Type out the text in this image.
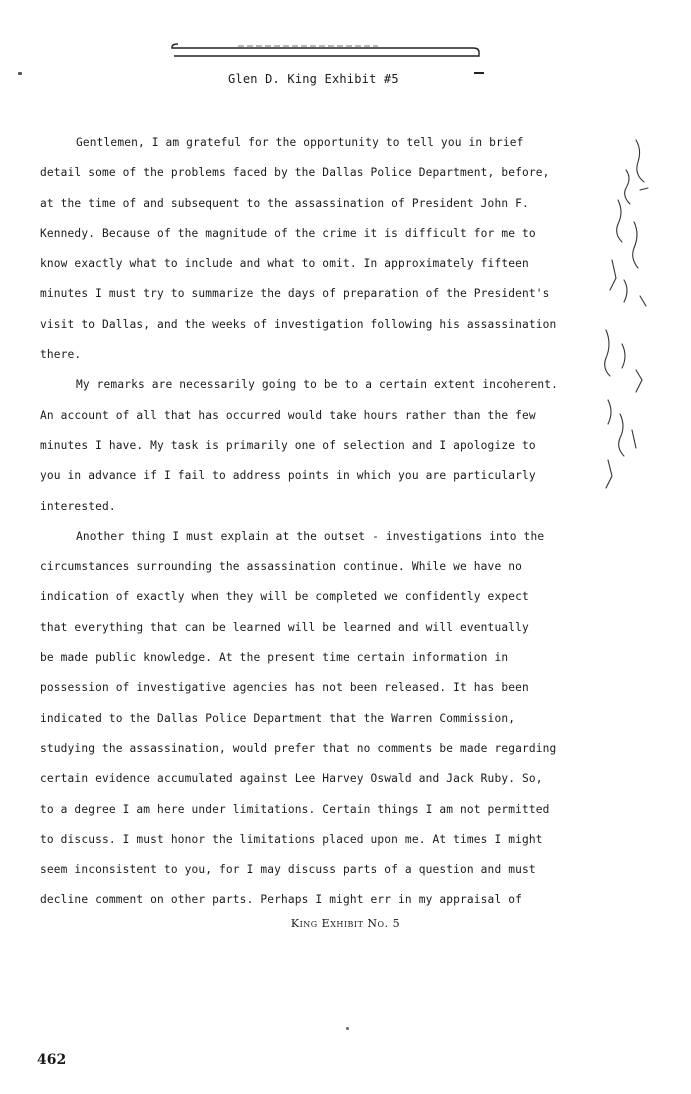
Glen D. King Exhibit #5
Gentlemen, I am grateful for the opportunity to tell you in brief
detail some of the problems faced by the Dallas Police Department, before,
at the time of and subsequent to the assassination of President John F.
Kennedy. Because of the magnitude of the crime it is difficult for me to
know exactly what to include and what to omit. In approximately fifteen
minutes I must try to summarize the days of preparation of the President's
visit to Dallas, and the weeks of investigation following his assassination
there.
My remarks are necessarily going to be to a certain extent incoherent.
An account of all that has occurred would take hours rather than the few
minutes I have. My task is primarily one of selection and I apologize to
you in advance if I fail to address points in which you are particularly
interested.
Another thing I must explain at the outset - investigations into the
circumstances surrounding the assassination continue. While we have no
indication of exactly when they will be completed we confidently expect
that everything that can be learned will be learned and will eventually
be made public knowledge. At the present time certain information in
possession of investigative agencies has not been released. It has been
indicated to the Dallas Police Department that the Warren Commission,
studying the assassination, would prefer that no comments be made regarding
certain evidence accumulated against Lee Harvey Oswald and Jack Ruby. So,
to a degree I am here under limitations. Certain things I am not permitted
to discuss. I must honor the limitations placed upon me. At times I might
seem inconsistent to you, for I may discuss parts of a question and must
decline comment on other parts. Perhaps I might err in my appraisal of
King Exhibit No. 5
462
